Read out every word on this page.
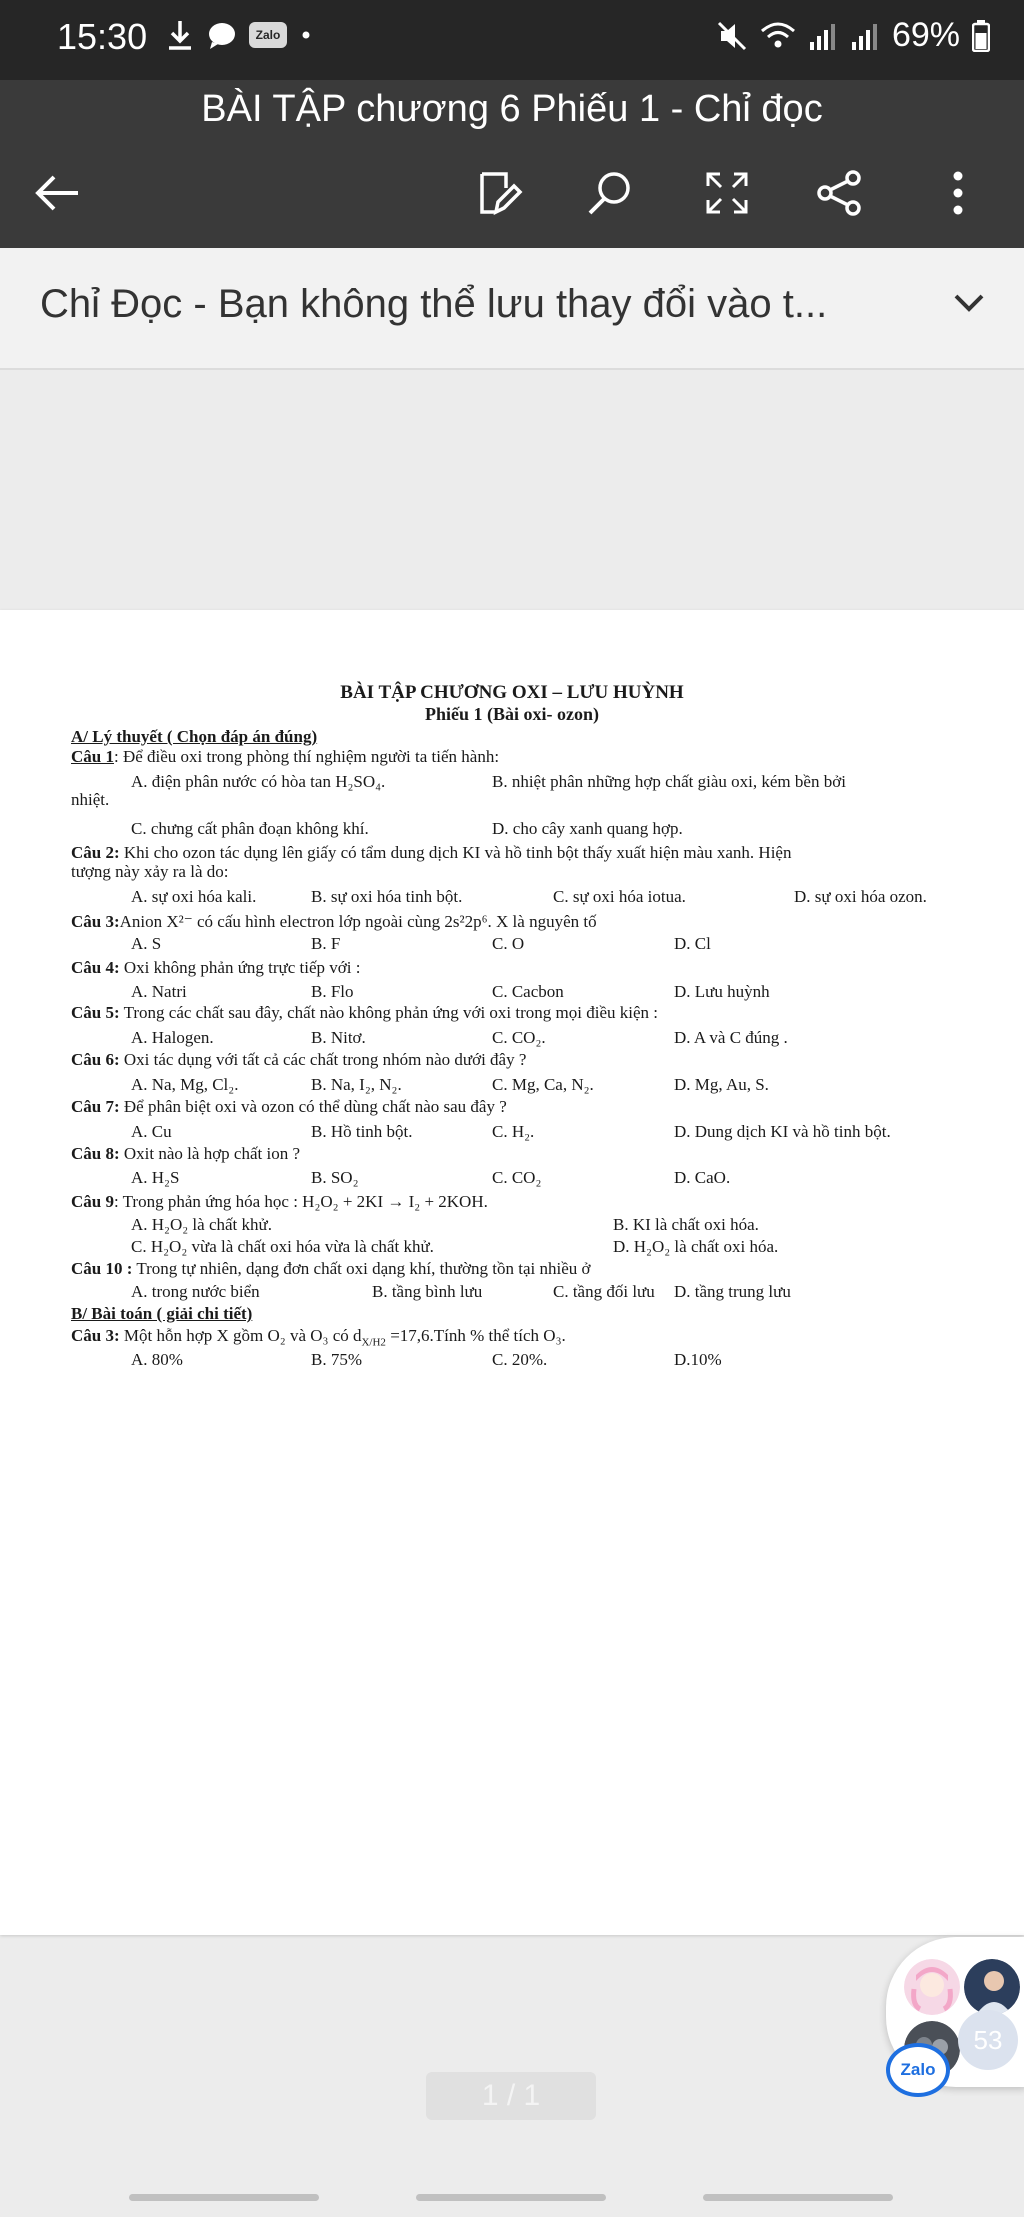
15:30	Zalo	69%
BÀI TẬP chương 6 Phiếu 1 - Chỉ đọc
Chỉ Đọc - Bạn không thể lưu thay đổi vào t...
BÀI TẬP CHƯƠNG OXI – LƯU HUỲNH
Phiếu 1 (Bài oxi- ozon)
A/ Lý thuyết ( Chọn đáp án đúng)
Câu 1: Để điều oxi trong phòng thí nghiệm người ta tiến hành:
A. điện phân nước có hòa tan H₂SO₄.	B. nhiệt phân những hợp chất giàu oxi, kém bền bởi
nhiệt.
C. chưng cất phân đoạn không khí.	D. cho cây xanh quang hợp.
Câu 2: Khi cho ozon tác dụng lên giấy có tẩm dung dịch KI và hồ tinh bột thấy xuất hiện màu xanh. Hiện
tượng này xảy ra là do:
A. sự oxi hóa kali.	B. sự oxi hóa tinh bột.	C. sự oxi hóa iotua.	D. sự oxi hóa ozon.
Câu 3:Anion X²⁻ có cấu hình electron lớp ngoài cùng 2s²2p⁶. X là nguyên tố
A. S	B. F	C. O	D. Cl
Câu 4: Oxi không phản ứng trực tiếp với :
A. Natri	B. Flo	C. Cacbon	D. Lưu huỳnh
Câu 5: Trong các chất sau đây, chất nào không phản ứng với oxi trong mọi điều kiện :
A. Halogen.	B. Nitơ.	C. CO₂.	D. A và C đúng .
Câu 6: Oxi tác dụng với tất cả các chất trong nhóm nào dưới đây ?
A. Na, Mg, Cl₂.	B. Na, I₂, N₂.	C. Mg, Ca, N₂.	D. Mg, Au, S.
Câu 7: Để phân biệt oxi và ozon có thể dùng chất nào sau đây ?
A. Cu	B. Hồ tinh bột.	C. H₂.	D. Dung dịch KI và hồ tinh bột.
Câu 8: Oxit nào là hợp chất ion ?
A. H₂S	B. SO₂	C. CO₂	D. CaO.
Câu 9: Trong phản ứng hóa học : H₂O₂ + 2KI → I₂ + 2KOH.
A. H₂O₂ là chất khử.	B. KI là chất oxi hóa.
C. H₂O₂ vừa là chất oxi hóa vừa là chất khử.	D. H₂O₂ là chất oxi hóa.
Câu 10 : Trong tự nhiên, dạng đơn chất oxi dạng khí, thường tồn tại nhiều ở
A. trong nước biển	B. tầng bình lưu	C. tầng đối lưu D. tầng trung lưu
B/ Bài toán ( giải chi tiết)
Câu 3: Một hỗn hợp X gồm O₂ và O₃ có $d_{X/H2}$ =17,6.Tính % thể tích O₃.
A. 80%	B. 75%	C. 20%.	D.10%
1 / 1
53
Zalo
